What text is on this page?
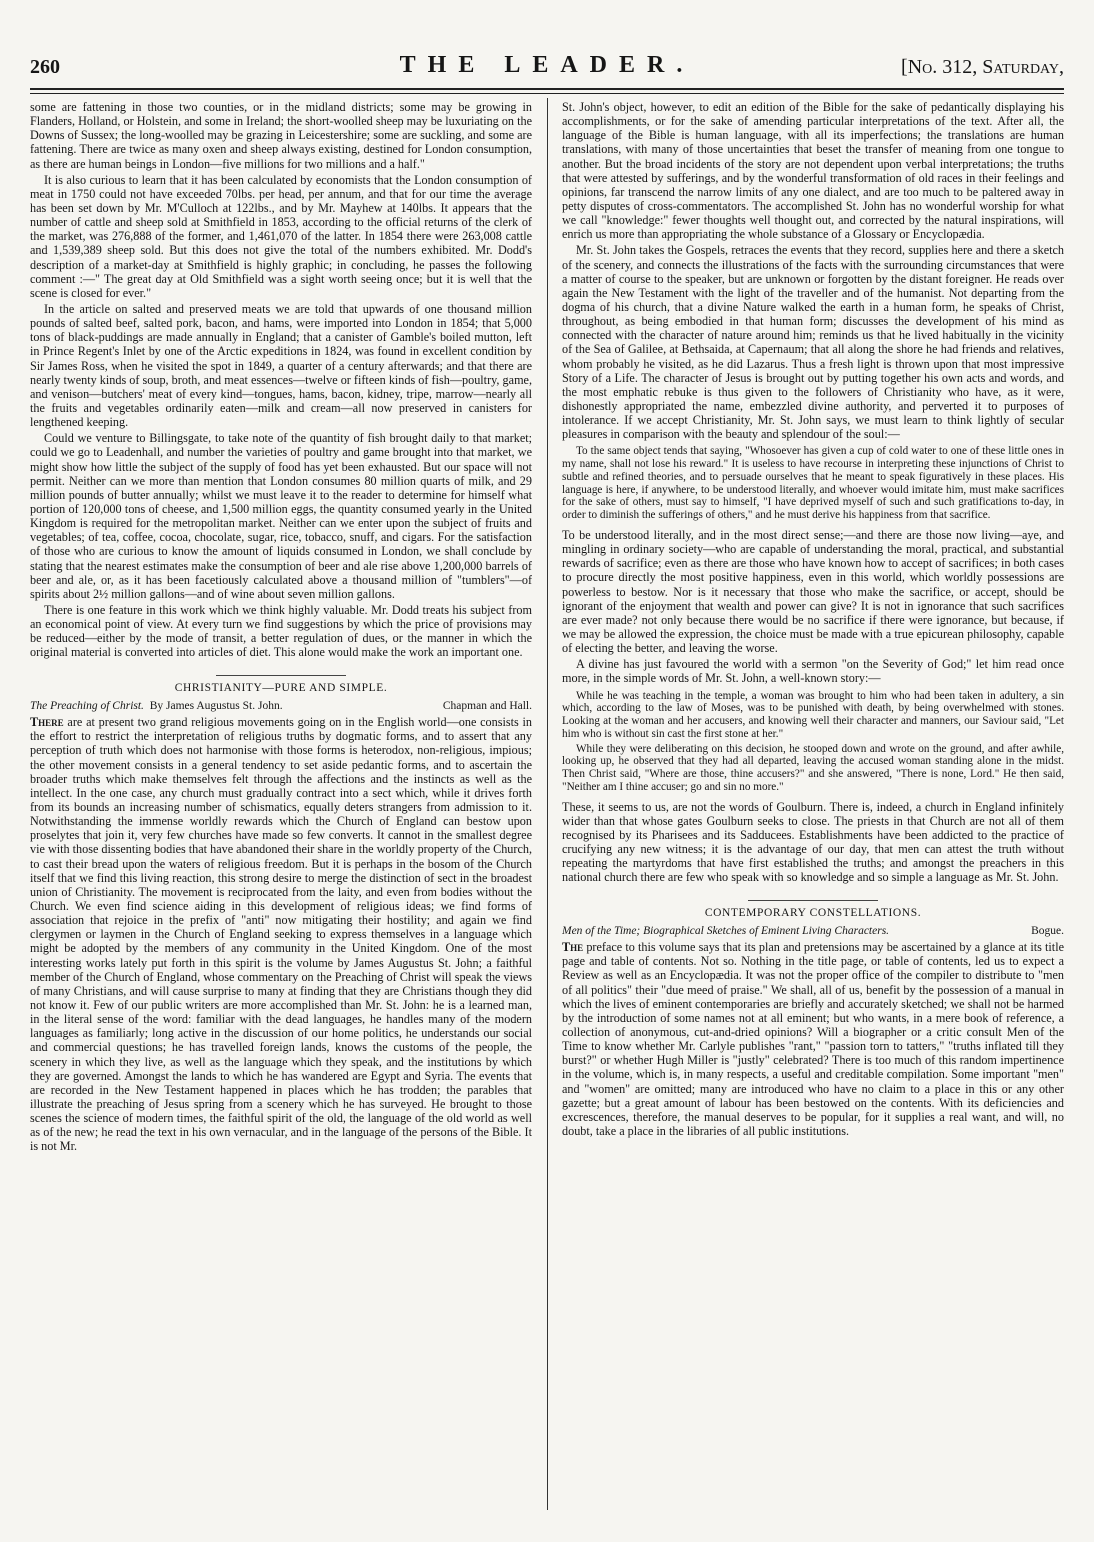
260	THE LEADER.	[No. 312, Saturday,

some are fattening in those two counties, or in the midland districts; some may be growing in Flanders, Holland, or Holstein, and some in Ireland; the short-woolled sheep may be luxuriating on the Downs of Sussex; the long-woolled may be grazing in Leicestershire; some are suckling, and some are fattening. There are twice as many oxen and sheep always existing, destined for London consumption, as there are human beings in London—five millions for two millions and a half."

It is also curious to learn that it has been calculated by economists that the London consumption of meat in 1750 could not have exceeded 70lbs. per head, per annum, and that for our time the average has been set down by Mr. M'Culloch at 122lbs., and by Mr. Mayhew at 140lbs. It appears that the number of cattle and sheep sold at Smithfield in 1853, according to the official returns of the clerk of the market, was 276,888 of the former, and 1,461,070 of the latter. In 1854 there were 263,008 cattle and 1,539,389 sheep sold. But this does not give the total of the numbers exhibited. Mr. Dodd's description of a market-day at Smithfield is highly graphic; in concluding, he passes the following comment :—" The great day at Old Smithfield was a sight worth seeing once; but it is well that the scene is closed for ever."

In the article on salted and preserved meats we are told that upwards of one thousand million pounds of salted beef, salted pork, bacon, and hams, were imported into London in 1854; that 5,000 tons of black-puddings are made annually in England; that a canister of Gamble's boiled mutton, left in Prince Regent's Inlet by one of the Arctic expeditions in 1824, was found in excellent condition by Sir James Ross, when he visited the spot in 1849, a quarter of a century afterwards; and that there are nearly twenty kinds of soup, broth, and meat essences—twelve or fifteen kinds of fish—poultry, game, and venison—butchers' meat of every kind—tongues, hams, bacon, kidney, tripe, marrow—nearly all the fruits and vegetables ordinarily eaten—milk and cream—all now preserved in canisters for lengthened keeping.

Could we venture to Billingsgate, to take note of the quantity of fish brought daily to that market; could we go to Leadenhall, and number the varieties of poultry and game brought into that market, we might show how little the subject of the supply of food has yet been exhausted. But our space will not permit. Neither can we more than mention that London consumes 80 million quarts of milk, and 29 million pounds of butter annually; whilst we must leave it to the reader to determine for himself what portion of 120,000 tons of cheese, and 1,500 million eggs, the quantity consumed yearly in the United Kingdom is required for the metropolitan market. Neither can we enter upon the subject of fruits and vegetables; of tea, coffee, cocoa, chocolate, sugar, rice, tobacco, snuff, and cigars. For the satisfaction of those who are curious to know the amount of liquids consumed in London, we shall conclude by stating that the nearest estimates make the consumption of beer and ale rise above 1,200,000 barrels of beer and ale, or, as it has been facetiously calculated above a thousand million of "tumblers"—of spirits about 2½ million gallons—and of wine about seven million gallons.

There is one feature in this work which we think highly valuable. Mr. Dodd treats his subject from an economical point of view. At every turn we find suggestions by which the price of provisions may be reduced—either by the mode of transit, a better regulation of dues, or the manner in which the original material is converted into articles of diet. This alone would make the work an important one.

CHRISTIANITY—PURE AND SIMPLE.
The Preaching of Christ. By James Augustus St. John.	Chapman and Hall.

There are at present two grand religious movements going on in the English world—one consists in the effort to restrict the interpretation of religious truths by dogmatic forms, and to assert that any perception of truth which does not harmonise with those forms is heterodox, non-religious, impious; the other movement consists in a general tendency to set aside pedantic forms, and to ascertain the broader truths which make themselves felt through the affections and the instincts as well as the intellect. In the one case, any church must gradually contract into a sect which, while it drives forth from its bounds an increasing number of schismatics, equally deters strangers from admission to it. Notwithstanding the immense worldly rewards which the Church of England can bestow upon proselytes that join it, very few churches have made so few converts. It cannot in the smallest degree vie with those dissenting bodies that have abandoned their share in the worldly property of the Church, to cast their bread upon the waters of religious freedom. But it is perhaps in the bosom of the Church itself that we find this living reaction, this strong desire to merge the distinction of sect in the broadest union of Christianity. The movement is reciprocated from the laity, and even from bodies without the Church. We even find science aiding in this development of religious ideas; we find forms of association that rejoice in the prefix of "anti" now mitigating their hostility; and again we find clergymen or laymen in the Church of England seeking to express themselves in a language which might be adopted by the members of any community in the United Kingdom. One of the most interesting works lately put forth in this spirit is the volume by James Augustus St. John; a faithful member of the Church of England, whose commentary on the Preaching of Christ will speak the views of many Christians, and will cause surprise to many at finding that they are Christians though they did not know it. Few of our public writers are more accomplished than Mr. St. John: he is a learned man, in the literal sense of the word: familiar with the dead languages, he handles many of the modern languages as familiarly; long active in the discussion of our home politics, he understands our social and commercial questions; he has travelled foreign lands, knows the customs of the people, the scenery in which they live, as well as the language which they speak, and the institutions by which they are governed. Amongst the lands to which he has wandered are Egypt and Syria. The events that are recorded in the New Testament happened in places which he has trodden; the parables that illustrate the preaching of Jesus spring from a scenery which he has surveyed. He brought to those scenes the science of modern times, the faithful spirit of the old, the language of the old world as well as of the new; he read the text in his own vernacular, and in the language of the persons of the Bible. It is not Mr.

St. John's object, however, to edit an edition of the Bible for the sake of pedantically displaying his accomplishments, or for the sake of amending particular interpretations of the text. After all, the language of the Bible is human language, with all its imperfections; the translations are human translations, with many of those uncertainties that beset the transfer of meaning from one tongue to another. But the broad incidents of the story are not dependent upon verbal interpretations; the truths that were attested by sufferings, and by the wonderful transformation of old races in their feelings and opinions, far transcend the narrow limits of any one dialect, and are too much to be paltered away in petty disputes of cross-commentators. The accomplished St. John has no wonderful worship for what we call "knowledge:" fewer thoughts well thought out, and corrected by the natural inspirations, will enrich us more than appropriating the whole substance of a Glossary or Encyclopædia.

Mr. St. John takes the Gospels, retraces the events that they record, supplies here and there a sketch of the scenery, and connects the illustrations of the facts with the surrounding circumstances that were a matter of course to the speaker, but are unknown or forgotten by the distant foreigner. He reads over again the New Testament with the light of the traveller and of the humanist. Not departing from the dogma of his church, that a divine Nature walked the earth in a human form, he speaks of Christ, throughout, as being embodied in that human form; discusses the development of his mind as connected with the character of nature around him; reminds us that he lived habitually in the vicinity of the Sea of Galilee, at Bethsaida, at Capernaum; that all along the shore he had friends and relatives, whom probably he visited, as he did Lazarus. Thus a fresh light is thrown upon that most impressive Story of a Life. The character of Jesus is brought out by putting together his own acts and words, and the most emphatic rebuke is thus given to the followers of Christianity who have, as it were, dishonestly appropriated the name, embezzled divine authority, and perverted it to purposes of intolerance. If we accept Christianity, Mr. St. John says, we must learn to think lightly of secular pleasures in comparison with the beauty and splendour of the soul:—

To the same object tends that saying, "Whosoever has given a cup of cold water to one of these little ones in my name, shall not lose his reward." It is useless to have recourse in interpreting these injunctions of Christ to subtle and refined theories, and to persuade ourselves that he meant to speak figuratively in these places. His language is here, if anywhere, to be understood literally, and whoever would imitate him, must make sacrifices for the sake of others, must say to himself, "I have deprived myself of such and such gratifications to-day, in order to diminish the sufferings of others," and he must derive his happiness from that sacrifice.

To be understood literally, and in the most direct sense;—and there are those now living—aye, and mingling in ordinary society—who are capable of understanding the moral, practical, and substantial rewards of sacrifice; even as there are those who have known how to accept of sacrifices; in both cases to procure directly the most positive happiness, even in this world, which worldly possessions are powerless to bestow. Nor is it necessary that those who make the sacrifice, or accept, should be ignorant of the enjoyment that wealth and power can give? It is not in ignorance that such sacrifices are ever made? not only because there would be no sacrifice if there were ignorance, but because, if we may be allowed the expression, the choice must be made with a true epicurean philosophy, capable of electing the better, and leaving the worse.

A divine has just favoured the world with a sermon "on the Severity of God;" let him read once more, in the simple words of Mr. St. John, a well-known story:—

While he was teaching in the temple, a woman was brought to him who had been taken in adultery, a sin which, according to the law of Moses, was to be punished with death, by being overwhelmed with stones. Looking at the woman and her accusers, and knowing well their character and manners, our Saviour said, "Let him who is without sin cast the first stone at her."

While they were deliberating on this decision, he stooped down and wrote on the ground, and after awhile, looking up, he observed that they had all departed, leaving the accused woman standing alone in the midst. Then Christ said, "Where are those, thine accusers?" and she answered, "There is none, Lord." He then said, "Neither am I thine accuser; go and sin no more."

These, it seems to us, are not the words of Goulburn. There is, indeed, a church in England infinitely wider than that whose gates Goulburn seeks to close. The priests in that Church are not all of them recognised by its Pharisees and its Sadducees. Establishments have been addicted to the practice of crucifying any new witness; it is the advantage of our day, that men can attest the truth without repeating the martyrdoms that have first established the truths; and amongst the preachers in this national church there are few who speak with so knowledge and so simple a language as Mr. St. John.

CONTEMPORARY CONSTELLATIONS.
Men of the Time; Biographical Sketches of Eminent Living Characters.	Bogue.

The preface to this volume says that its plan and pretensions may be ascertained by a glance at its title page and table of contents. Not so. Nothing in the title page, or table of contents, led us to expect a Review as well as an Encyclopædia. It was not the proper office of the compiler to distribute to "men of all politics" their "due meed of praise." We shall, all of us, benefit by the possession of a manual in which the lives of eminent contemporaries are briefly and accurately sketched; we shall not be harmed by the introduction of some names not at all eminent; but who wants, in a mere book of reference, a collection of anonymous, cut-and-dried opinions? Will a biographer or a critic consult Men of the Time to know whether Mr. Carlyle publishes "rant," "passion torn to tatters," "truths inflated till they burst?" or whether Hugh Miller is "justly" celebrated? There is too much of this random impertinence in the volume, which is, in many respects, a useful and creditable compilation. Some important "men" and "women" are omitted; many are introduced who have no claim to a place in this or any other gazette; but a great amount of labour has been bestowed on the contents. With its deficiencies and excrescences, therefore, the manual deserves to be popular, for it supplies a real want, and will, no doubt, take a place in the libraries of all public institutions.
